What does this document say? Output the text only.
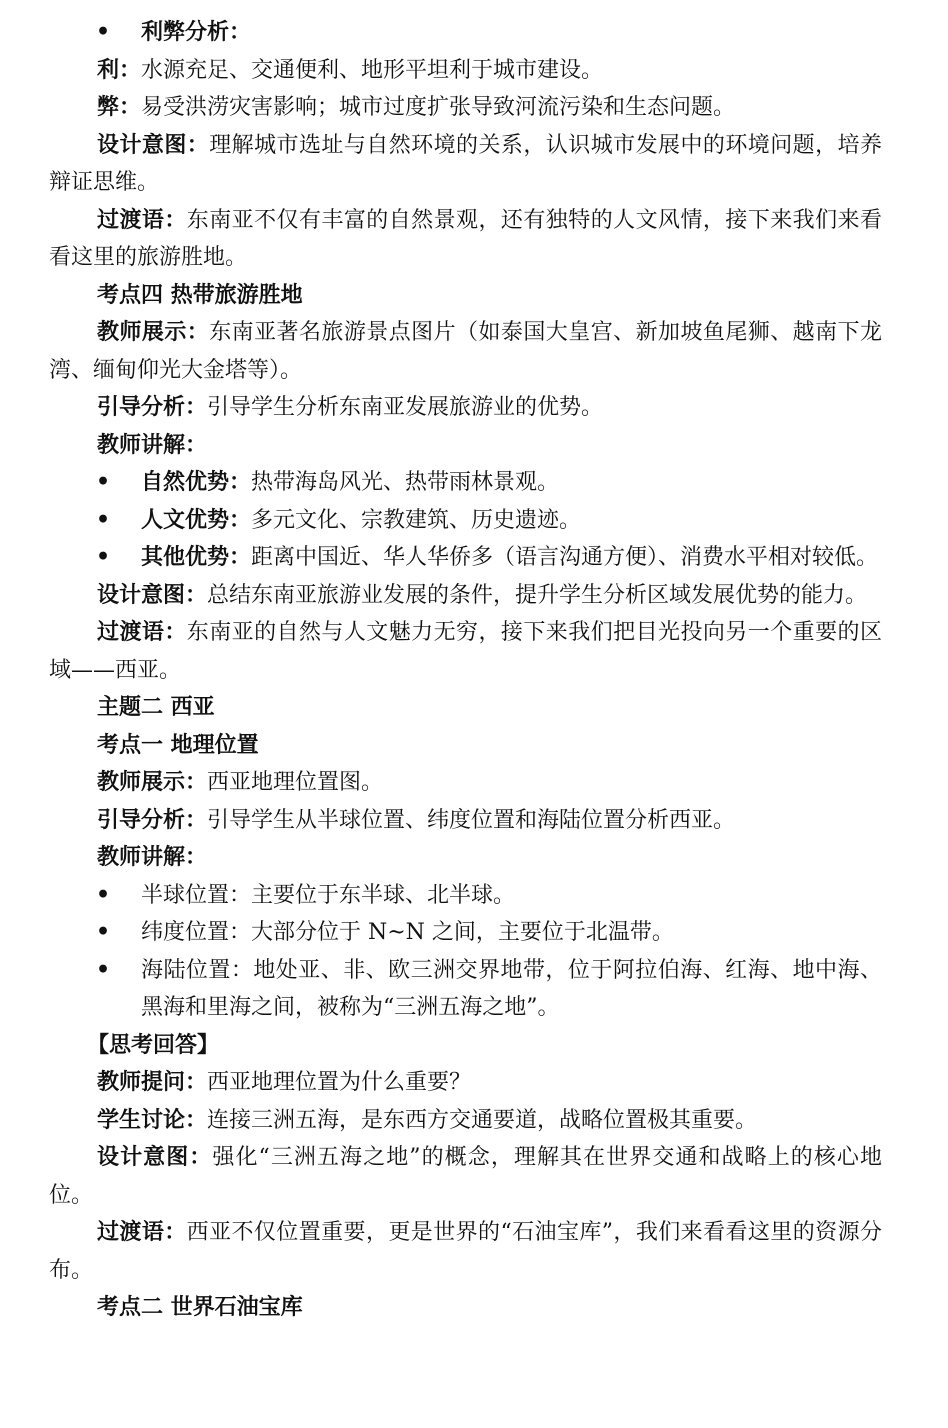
• 利弊分析：

利：水源充足、交通便利、地形平坦利于城市建设。

弊：易受洪涝灾害影响；城市过度扩张导致河流污染和生态问题。

设计意图：理解城市选址与自然环境的关系，认识城市发展中的环境问题，培养辩证思维。

过渡语：东南亚不仅有丰富的自然景观，还有独特的人文风情，接下来我们来看看这里的旅游胜地。

考点四 热带旅游胜地

教师展示：东南亚著名旅游景点图片（如泰国大皇宫、新加坡鱼尾狮、越南下龙湾、缅甸仰光大金塔等）。

引导分析：引导学生分析东南亚发展旅游业的优势。

教师讲解：

• 自然优势：热带海岛风光、热带雨林景观。

• 人文优势：多元文化、宗教建筑、历史遗迹。

• 其他优势：距离中国近、华人华侨多（语言沟通方便）、消费水平相对较低。

设计意图：总结东南亚旅游业发展的条件，提升学生分析区域发展优势的能力。

过渡语：东南亚的自然与人文魅力无穷，接下来我们把目光投向另一个重要的区域——西亚。

主题二 西亚

考点一 地理位置

教师展示：西亚地理位置图。

引导分析：引导学生从半球位置、纬度位置和海陆位置分析西亚。

教师讲解：

• 半球位置：主要位于东半球、北半球。

• 纬度位置：大部分位于 N~N 之间，主要位于北温带。

• 海陆位置：地处亚、非、欧三洲交界地带，位于阿拉伯海、红海、地中海、黑海和里海之间，被称为“三洲五海之地”。

【思考回答】

教师提问：西亚地理位置为什么重要？

学生讨论：连接三洲五海，是东西方交通要道，战略位置极其重要。

设计意图：强化“三洲五海之地”的概念，理解其在世界交通和战略上的核心地位。

过渡语：西亚不仅位置重要，更是世界的“石油宝库”，我们来看看这里的资源分布。

考点二 世界石油宝库
